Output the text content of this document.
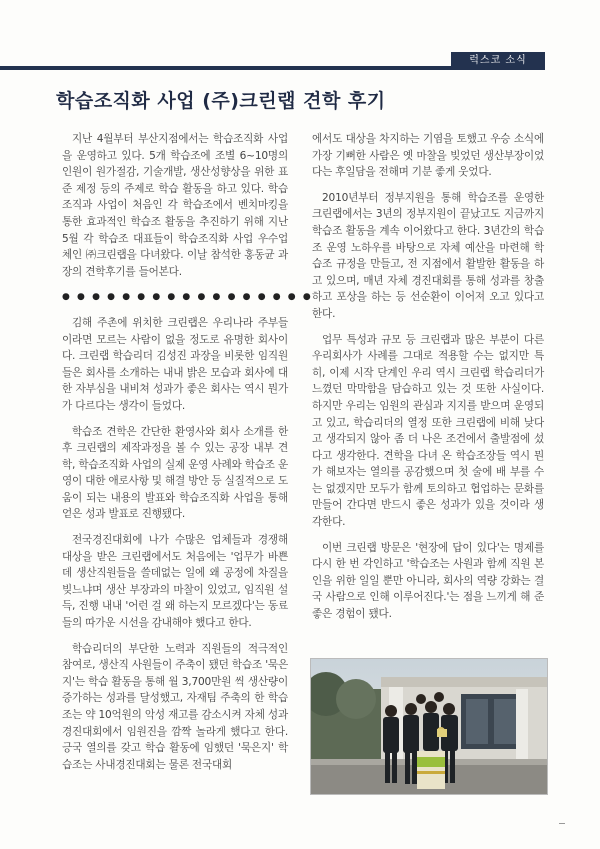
럭스코 소식
학습조직화 사업 (주)크린랩 견학 후기

지난 4월부터 부산지점에서는 학습조직화 사업을 운영하고 있다. 5개 학습조에 조별 6~10명의 인원이 원가절감, 기술개발, 생산성향상을 위한 표준 제정 등의 주제로 학습 활동을 하고 있다. 학습조직과 사업이 처음인 각 학습조에서 벤치마킹을 통한 효과적인 학습조 활동을 추진하기 위해 지난 5월 각 학습조 대표들이 학습조직화 사업 우수업체인 ㈜크린랩을 다녀왔다. 이날 참석한 홍동균 과장의 견학후기를 들어본다.

●●●●●●●●●●●●●●●●●

김해 주촌에 위치한 크린랩은 우리나라 주부들이라면 모르는 사람이 없을 정도로 유명한 회사이다. 크린랩 학습리더 김성진 과장을 비롯한 임직원들은 회사를 소개하는 내내 밝은 모습과 회사에 대한 자부심을 내비쳐 성과가 좋은 회사는 역시 뭔가가 다르다는 생각이 들었다.

학습조 견학은 간단한 환영사와 회사 소개를 한 후 크린랩의 제작과정을 볼 수 있는 공장 내부 견학, 학습조직화 사업의 실제 운영 사례와 학습조 운영이 대한 애로사항 및 해결 방안 등 실질적으로 도움이 되는 내용의 발표와 학습조직화 사업을 통해 얻은 성과 발표로 진행됐다.

전국경진대회에 나가 수많은 업체들과 경쟁해 대상을 받은 크린랩에서도 처음에는 '업무가 바쁜데 생산직원들을 쓸데없는 일에 왜 공정에 차질을 빚느냐며 생산 부장과의 마찰이 있었고, 임직원 설득, 진행 내내 '어런 걸 왜 하는지 모르겠다'는 동료들의 따가운 시선을 감내해야 했다고 한다.

학습리더의 부단한 노력과 직원들의 적극적인 참여로, 생산직 사원들이 주축이 됐던 학습조 '묵은지'는 학습 활동을 통해 월 3,700만원 씩 생산량이 증가하는 성과를 달성했고, 자재팀 주축의 한 학습조는 약 10억원의 악성 재고를 감소시켜 자체 성과 경진대회에서 임원진을 깜짝 놀라게 했다고 한다. 긍국 열의를 갖고 학습 활동에 임했던 '묵은지' 학습조는 사내경진대회는 물론 전국대회

에서도 대상을 차지하는 기염을 토했고 우승 소식에 가장 기뻐한 사람은 옛 마찰을 빚었던 생산부장이었다는 후일담을 전해며 기분 좋게 웃었다.

2010년부터 정부지원을 통해 학습조를 운영한 크린랩에서는 3년의 정부지원이 끝났고도 지금까지 학습조 활동을 계속 이어왔다고 한다. 3년간의 학습조 운영 노하우를 바탕으로 자체 예산을 마련해 학습조 규정을 만들고, 전 지점에서 활발한 활동을 하고 있으며, 매년 자체 경진대회를 통해 성과를 창출하고 포상을 하는 등 선순환이 이어져 오고 있다고 한다.

업무 특성과 규모 등 크린랩과 많은 부분이 다른 우리회사가 사례를 그대로 적용할 수는 없지만 특히, 이제 시작 단계인 우리 역시 크린랩 학습리더가 느꼈던 막막함을 담습하고 있는 것 또한 사실이다. 하지만 우리는 임원의 관심과 지지를 받으며 운영되고 있고, 학습리더의 열정 또한 크린랩에 비해 낮다고 생각되지 않아 좀 더 나은 조건에서 출발점에 섰다고 생각한다. 견학을 다녀 온 학습조장들 역시 뭔가 해보자는 열의를 공감했으며 첫 술에 배 부를 수는 없겠지만 모두가 함께 토의하고 협업하는 문화를 만들어 간다면 반드시 좋은 성과가 있을 것이라 생각한다.

이번 크린랩 방문은 '현장에 답이 있다'는 명제를 다시 한 번 각인하고 '학습조는 사원과 함께 직원 본인을 위한 일일 뿐만 아니라, 회사의 역량 강화는 결국 사람으로 인해 이루어진다.'는 점을 느끼게 해 준 좋은 경험이 됐다.
